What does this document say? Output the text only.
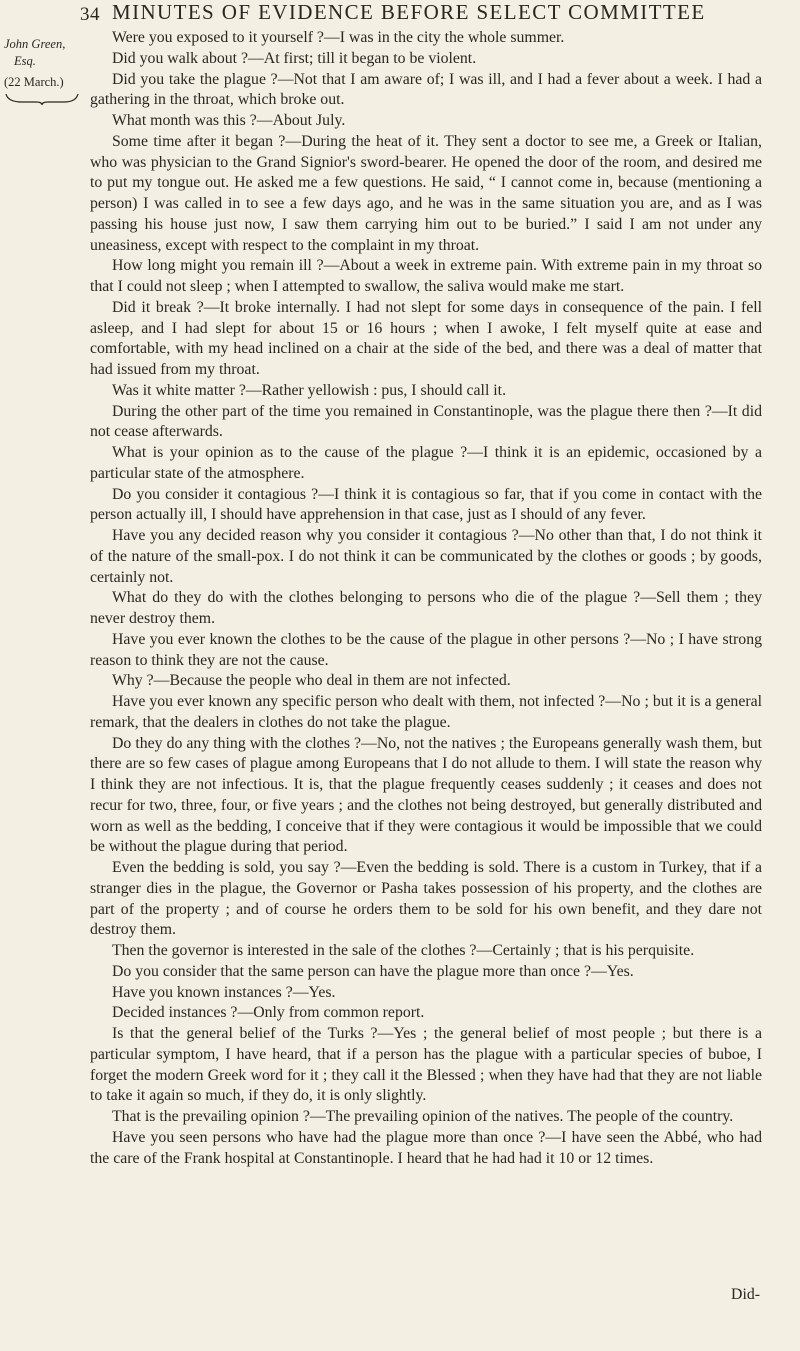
34 MINUTES OF EVIDENCE BEFORE SELECT COMMITTEE
John Green,
Esq.
(22 March.)

Were you exposed to it yourself ?—I was in the city the whole summer.

Did you walk about ?—At first; till it began to be violent.

Did you take the plague ?—Not that I am aware of; I was ill, and I had a fever about a week. I had a gathering in the throat, which broke out.

What month was this ?—About July.

Some time after it began ?—During the heat of it. They sent a doctor to see me, a Greek or Italian, who was physician to the Grand Signior's sword-bearer. He opened the door of the room, and desired me to put my tongue out. He asked me a few questions. He said, “ I cannot come in, because (mentioning a person) I was called in to see a few days ago, and he was in the same situation you are, and as I was passing his house just now, I saw them carrying him out to be buried.” I said I am not under any uneasiness, except with respect to the complaint in my throat.

How long might you remain ill ?—About a week in extreme pain. With extreme pain in my throat so that I could not sleep ; when I attempted to swallow, the saliva would make me start.

Did it break ?—It broke internally. I had not slept for some days in consequence of the pain. I fell asleep, and I had slept for about 15 or 16 hours ; when I awoke, I felt myself quite at ease and comfortable, with my head inclined on a chair at the side of the bed, and there was a deal of matter that had issued from my throat.

Was it white matter ?—Rather yellowish : pus, I should call it.

During the other part of the time you remained in Constantinople, was the plague there then ?—It did not cease afterwards.

What is your opinion as to the cause of the plague ?—I think it is an epidemic, occasioned by a particular state of the atmosphere.

Do you consider it contagious ?—I think it is contagious so far, that if you come in contact with the person actually ill, I should have apprehension in that case, just as I should of any fever.

Have you any decided reason why you consider it contagious ?—No other than that, I do not think it of the nature of the small-pox. I do not think it can be communicated by the clothes or goods ; by goods, certainly not.

What do they do with the clothes belonging to persons who die of the plague ?—Sell them ; they never destroy them.

Have you ever known the clothes to be the cause of the plague in other persons ?—No ; I have strong reason to think they are not the cause.

Why ?—Because the people who deal in them are not infected.

Have you ever known any specific person who dealt with them, not infected ?—No ; but it is a general remark, that the dealers in clothes do not take the plague.

Do they do any thing with the clothes ?—No, not the natives ; the Europeans generally wash them, but there are so few cases of plague among Europeans that I do not allude to them. I will state the reason why I think they are not infectious. It is, that the plague frequently ceases suddenly ; it ceases and does not recur for two, three, four, or five years ; and the clothes not being destroyed, but generally distributed and worn as well as the bedding, I conceive that if they were contagious it would be impossible that we could be without the plague during that period.

Even the bedding is sold, you say ?—Even the bedding is sold. There is a custom in Turkey, that if a stranger dies in the plague, the Governor or Pasha takes possession of his property, and the clothes are part of the property ; and of course he orders them to be sold for his own benefit, and they dare not destroy them.

Then the governor is interested in the sale of the clothes ?—Certainly ; that is his perquisite.

Do you consider that the same person can have the plague more than once ?—Yes.

Have you known instances ?—Yes.

Decided instances ?—Only from common report.

Is that the general belief of the Turks ?—Yes ; the general belief of most people ; but there is a particular symptom, I have heard, that if a person has the plague with a particular species of buboe, I forget the modern Greek word for it ; they call it the Blessed ; when they have had that they are not liable to take it again so much, if they do, it is only slightly.

That is the prevailing opinion ?—The prevailing opinion of the natives. The people of the country.

Have you seen persons who have had the plague more than once ?—I have seen the Abbé, who had the care of the Frank hospital at Constantinople. I heard that he had had it 10 or 12 times.

Did-
